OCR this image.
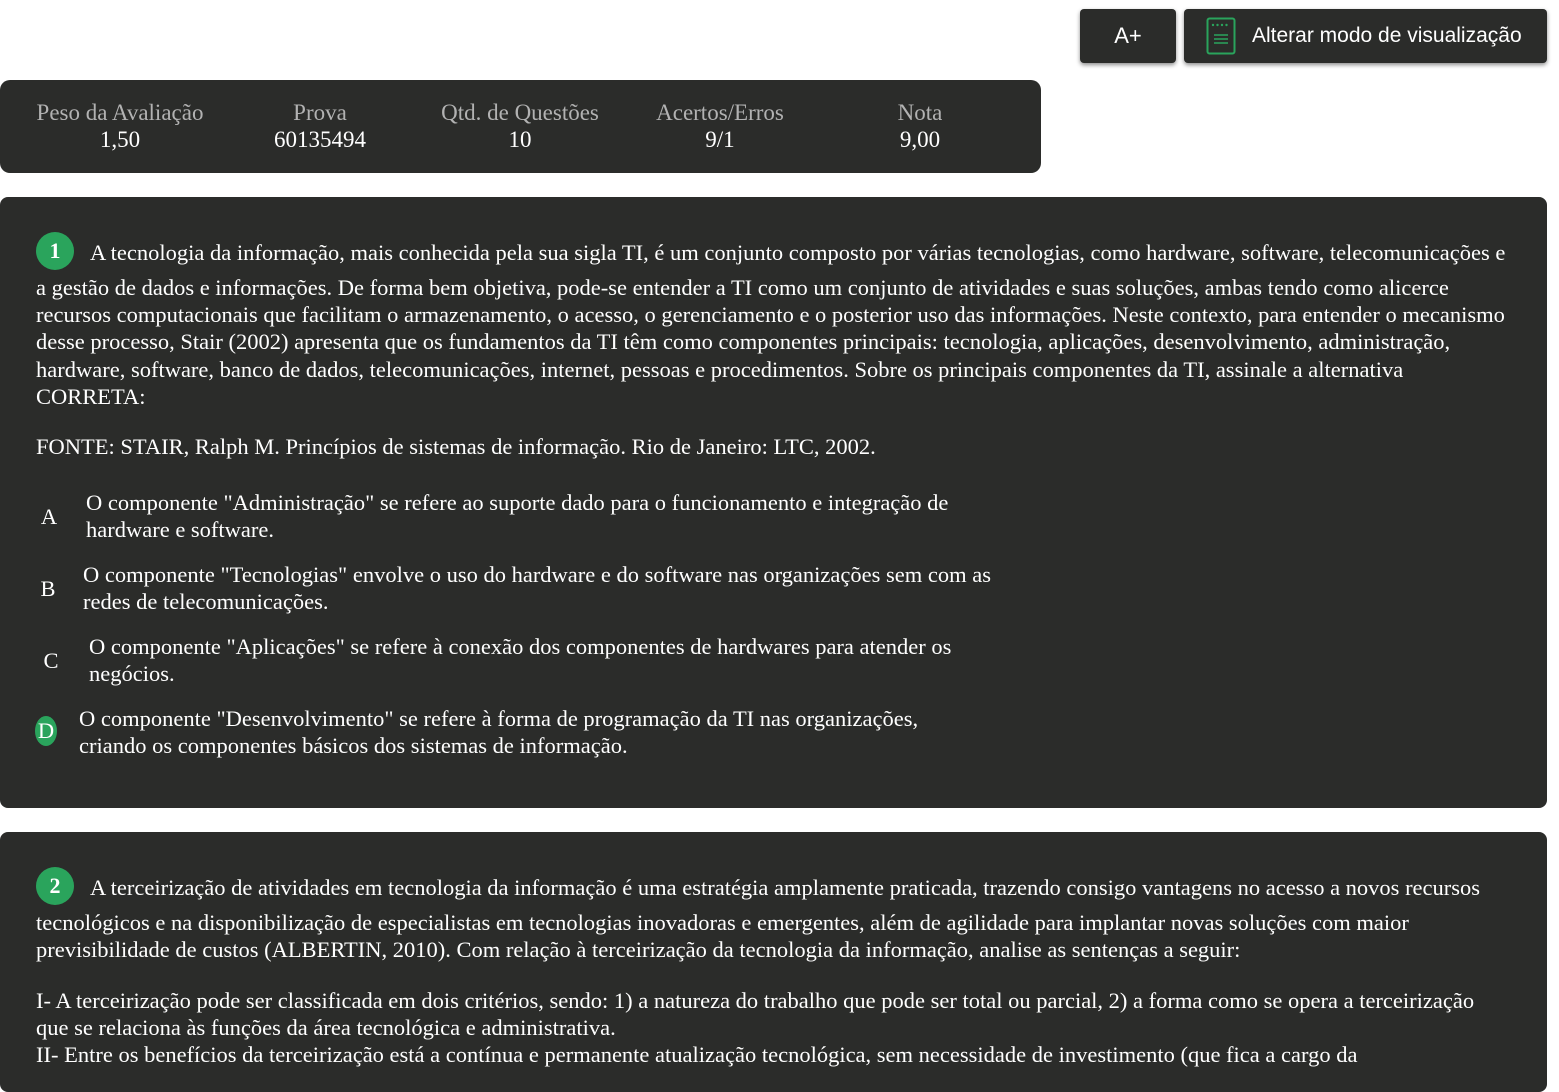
A+	Alterar modo de visualização
Peso da Avaliação
1,50
Prova
60135494
Qtd. de Questões
10
Acertos/Erros
9/1
Nota
9,00

1 A tecnologia da informação, mais conhecida pela sua sigla TI, é um conjunto composto por várias tecnologias, como hardware, software, telecomunicações e a gestão de dados e informações. De forma bem objetiva, pode-se entender a TI como um conjunto de atividades e suas soluções, ambas tendo como alicerce recursos computacionais que facilitam o armazenamento, o acesso, o gerenciamento e o posterior uso das informações. Neste contexto, para entender o mecanismo desse processo, Stair (2002) apresenta que os fundamentos da TI têm como componentes principais: tecnologia, aplicações, desenvolvimento, administração, hardware, software, banco de dados, telecomunicações, internet, pessoas e procedimentos. Sobre os principais componentes da TI, assinale a alternativa CORRETA:

FONTE: STAIR, Ralph M. Princípios de sistemas de informação. Rio de Janeiro: LTC, 2002.

A
O componente "Administração" se refere ao suporte dado para o funcionamento e integração de hardware e software.
B
O componente "Tecnologias" envolve o uso do hardware e do software nas organizações sem com as redes de telecomunicações.
C
O componente "Aplicações" se refere à conexão dos componentes de hardwares para atender os negócios.
D O componente "Desenvolvimento" se refere à forma de programação da TI nas organizações, criando os componentes básicos dos sistemas de informação.

2 A terceirização de atividades em tecnologia da informação é uma estratégia amplamente praticada, trazendo consigo vantagens no acesso a novos recursos tecnológicos e na disponibilização de especialistas em tecnologias inovadoras e emergentes, além de agilidade para implantar novas soluções com maior previsibilidade de custos (ALBERTIN, 2010). Com relação à terceirização da tecnologia da informação, analise as sentenças a seguir:

I- A terceirização pode ser classificada em dois critérios, sendo: 1) a natureza do trabalho que pode ser total ou parcial, 2) a forma como se opera a terceirização que se relaciona às funções da área tecnológica e administrativa.

II- Entre os benefícios da terceirização está a contínua e permanente atualização tecnológica, sem necessidade de investimento (que fica a cargo da
